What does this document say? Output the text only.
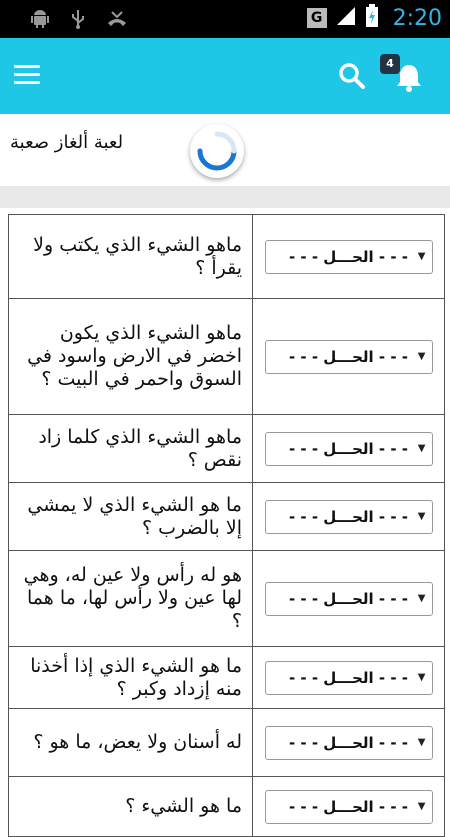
G	2:20
4
لعبة ألغاز صعبة
ماهو الشيء الذي يكتب ولا يقرأ ؟	- - - الحـــل - - - ▼

ماهو الشيء الذي يكون اخضر في الارض واسود في السوق واحمر في البيت ؟	- - - الحـــل - - - ▼

ماهو الشيء الذي كلما زاد نقص ؟	- - - الحـــل - - - ▼

ما هو الشيء الذي لا يمشي إلا بالضرب ؟	- - - الحـــل - - - ▼

هو له رأس ولا عين له، وهي لها عين ولا رأس لها، ما هما ؟	- - - الحـــل - - - ▼

ما هو الشيء الذي إذا أخذنا منه إزداد وكبر ؟	- - - الحـــل - - - ▼

له أسنان ولا يعض، ما هو ؟	- - - الحـــل - - - ▼

ما هو الشيء ؟	- - - الحـــل - - - ▼
